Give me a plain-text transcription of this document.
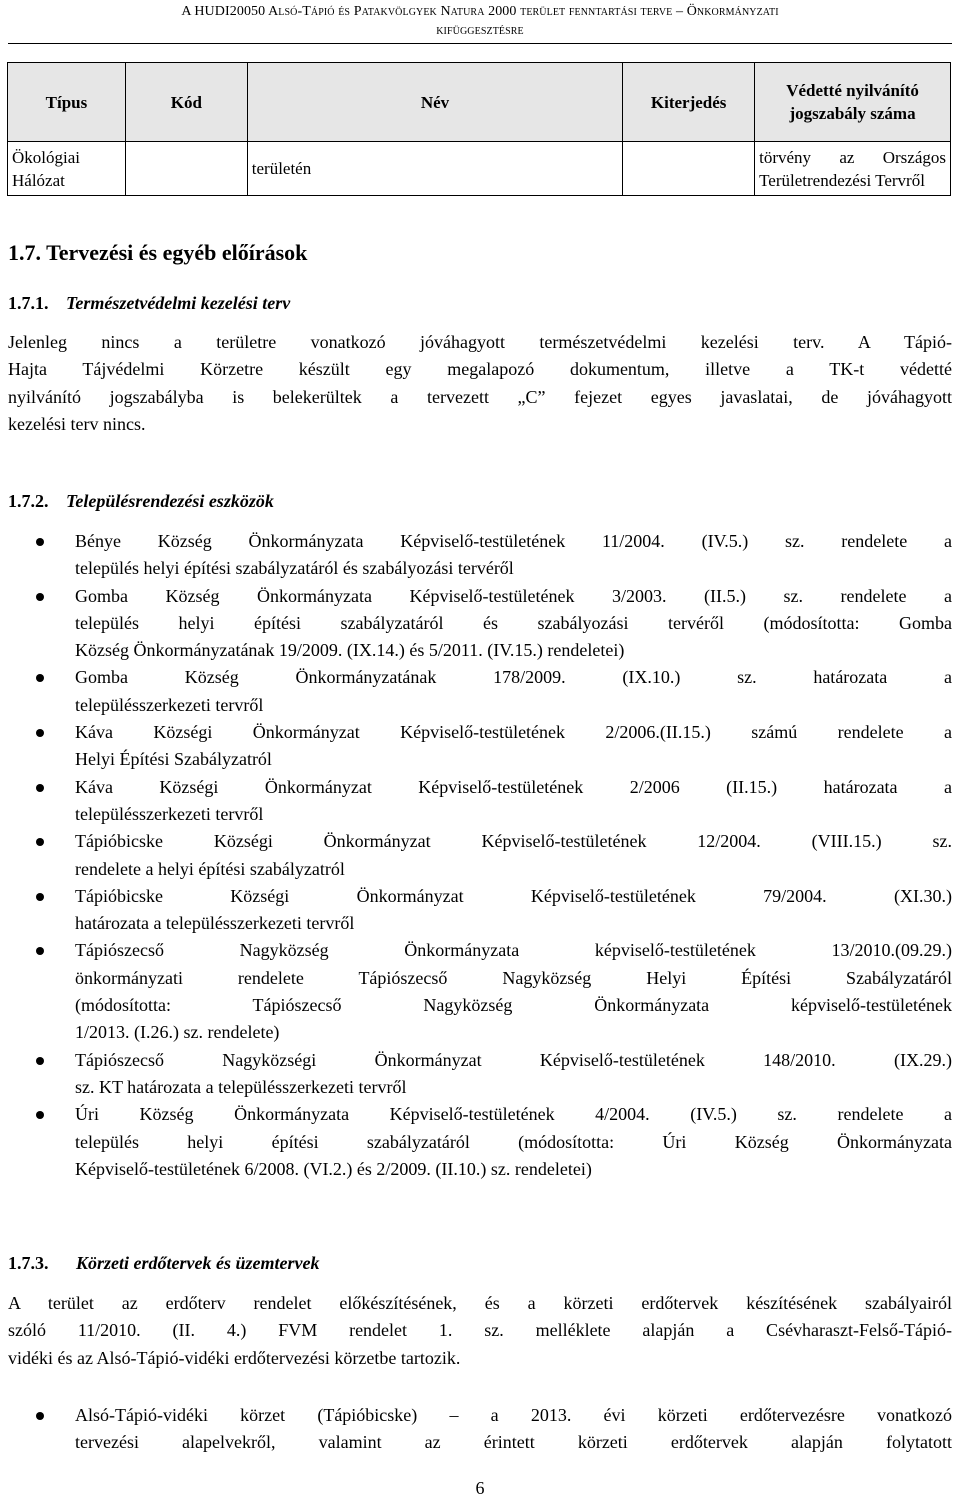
A HUDI20050 Alsó-Tápió és Patakvölgyek Natura 2000 terület fenntartási terve – Önkormányzati
kifüggesztésre
Típus	Kód	Név	Kiterjedés	Védetté nyilvánító jogszabály száma
Ökológiai Hálózat		területén		törvény az Országos Területrendezési Tervről
1.7. Tervezési és egyéb előírások
1.7.1. Természetvédelmi kezelési terv
Jelenleg nincs a területre vonatkozó jóváhagyott természetvédelmi kezelési terv. A Tápió-
Hajta Tájvédelmi Körzetre készült egy megalapozó dokumentum, illetve a TK-t védetté
nyilvánító jogszabályba is belekerültek a tervezett „C” fejezet egyes javaslatai, de jóváhagyott
kezelési terv nincs.
1.7.2. Településrendezési eszközök
Bénye Község Önkormányzata Képviselő-testületének 11/2004. (IV.5.) sz. rendelete a
település helyi építési szabályzatáról és szabályozási tervéről
Gomba Község Önkormányzata Képviselő-testületének 3/2003. (II.5.) sz. rendelete a
település helyi építési szabályzatáról és szabályozási tervéről (módosította: Gomba
Község Önkormányzatának 19/2009. (IX.14.) és 5/2011. (IV.15.) rendeletei)
Gomba Község Önkormányzatának 178/2009. (IX.10.) sz. határozata a
településszerkezeti tervről
Káva Községi Önkormányzat Képviselő-testületének 2/2006.(II.15.) számú rendelete a
Helyi Építési Szabályzatról
Káva Községi Önkormányzat Képviselő-testületének 2/2006 (II.15.) határozata a
településszerkezeti tervről
Tápióbicske Községi Önkormányzat Képviselő-testületének 12/2004. (VIII.15.) sz.
rendelete a helyi építési szabályzatról
Tápióbicske Községi Önkormányzat Képviselő-testületének 79/2004. (XI.30.)
határozata a településszerkezeti tervről
Tápiószecső Nagyközség Önkormányzata képviselő-testületének 13/2010.(09.29.)
önkormányzati rendelete Tápiószecső Nagyközség Helyi Építési Szabályzatáról
(módosította: Tápiószecső Nagyközség Önkormányzata képviselő-testületének
1/2013. (I.26.) sz. rendelete)
Tápiószecső Nagyközségi Önkormányzat Képviselő-testületének 148/2010. (IX.29.)
sz. KT határozata a településszerkezeti tervről
Úri Község Önkormányzata Képviselő-testületének 4/2004. (IV.5.) sz. rendelete a
település helyi építési szabályzatáról (módosította: Úri Község Önkormányzata
Képviselő-testületének 6/2008. (VI.2.) és 2/2009. (II.10.) sz. rendeletei)
1.7.3. Körzeti erdőtervek és üzemtervek
A terület az erdőterv rendelet előkészítésének, és a körzeti erdőtervek készítésének szabályairól
szóló 11/2010. (II. 4.) FVM rendelet 1. sz. melléklete alapján a Csévharaszt-Felső-Tápió-
vidéki és az Alsó-Tápió-vidéki erdőtervezési körzetbe tartozik.
Alsó-Tápió-vidéki körzet (Tápióbicske) – a 2013. évi körzeti erdőtervezésre vonatkozó
tervezési alapelvekről, valamint az érintett körzeti erdőtervek alapján folytatott
6
